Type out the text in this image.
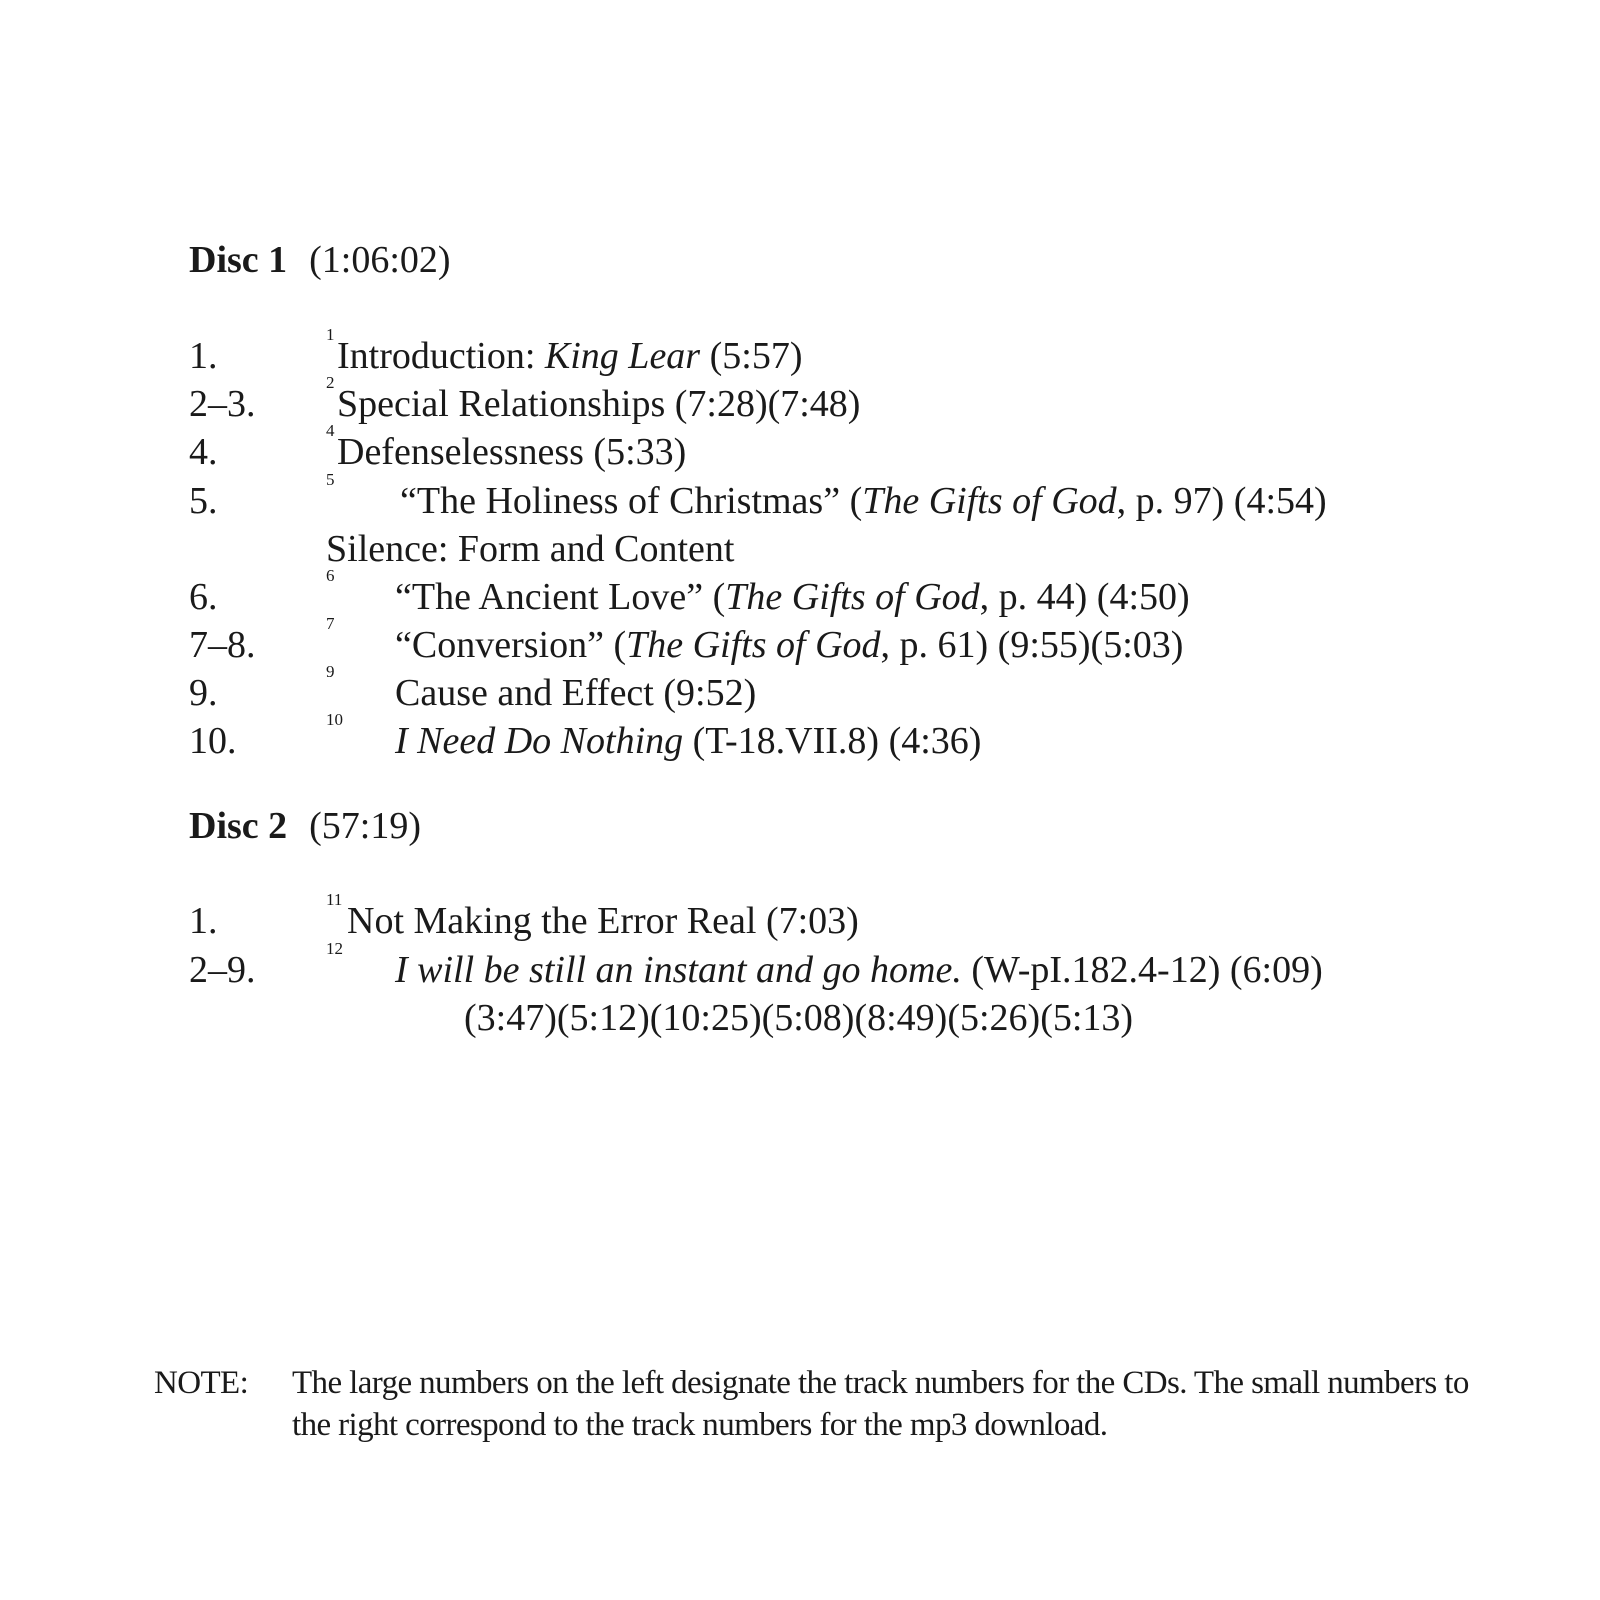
Disc 1 (1:06:02)
1.
1
Introduction: King Lear (5:57)
2–3.
2
Special Relationships (7:28)(7:48)
4.
4
Defenselessness (5:33)
5.
5
“The Holiness of Christmas” (The Gifts of God, p. 97) (4:54)
Silence: Form and Content
6.
6
“The Ancient Love” (The Gifts of God, p. 44) (4:50)
7–8.
7
“Conversion” (The Gifts of God, p. 61) (9:55)(5:03)
9.
9
Cause and Effect (9:52)
10.
10
I Need Do Nothing (T-18.VII.8) (4:36)
Disc 2 (57:19)
1.
11
Not Making the Error Real (7:03)
2–9.
12
I will be still an instant and go home. (W-pI.182.4-12) (6:09)
(3:47)(5:12)(10:25)(5:08)(8:49)(5:26)(5:13)
NOTE: The large numbers on the left designate the track numbers for the CDs. The small numbers to the right correspond to the track numbers for the mp3 download.
